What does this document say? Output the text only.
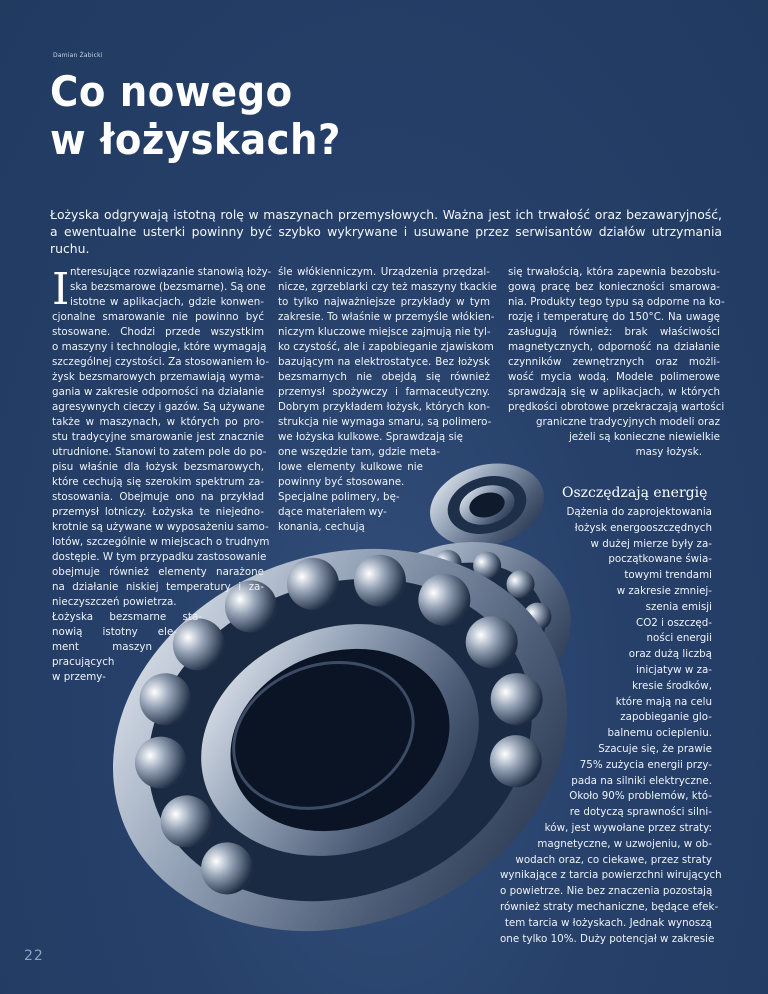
Damian Żabicki
Co nowego
w łożyskach?

Łożyska odgrywają istotną rolę w maszynach przemysłowych. Ważna jest ich trwałość oraz bezawaryjność, a ewentualne usterki powinny być szybko wykrywane i usuwane przez serwisantów działów utrzymania ruchu.

I nteresujące rozwiązanie stanowią łoży-
ska bezsmarowe (bezsmarne). Są one
istotne w aplikacjach, gdzie konwen-
cjonalne smarowanie nie powinno być
stosowane. Chodzi przede wszystkim
o maszyny i technologie, które wymagają
szczególnej czystości. Za stosowaniem ło-
żysk bezsmarowych przemawiają wyma-
gania w zakresie odporności na działanie
agresywnych cieczy i gazów. Są używane
także w maszynach, w których po pro-
stu tradycyjne smarowanie jest znacznie
utrudnione. Stanowi to zatem pole do po-
pisu właśnie dla łożysk bezsmarowych,
które cechują się szerokim spektrum za-
stosowania. Obejmuje ono na przykład
przemysł lotniczy. Łożyska te niejedno-
krotnie są używane w wyposażeniu samo-
lotów, szczególnie w miejscach o trudnym
dostępie. W tym przypadku zastosowanie
obejmuje również elementy narażone
na działanie niskiej temperatury i za-
nieczyszczeń powietrza.
Łożyska bezsmarne sta-
nowią istotny ele-
ment maszyn
pracujących
w przemy-
śle włókienniczym. Urządzenia przędzal-
nicze, zgrzeblarki czy też maszyny tkackie
to tylko najważniejsze przykłady w tym
zakresie. To właśnie w przemyśle włókien-
niczym kluczowe miejsce zajmują nie tyl-
ko czystość, ale i zapobieganie zjawiskom
bazującym na elektrostatyce. Bez łożysk
bezsmarnych nie obejdą się również
przemysł spożywczy i farmaceutyczny.
Dobrym przykładem łożysk, których kon-
strukcja nie wymaga smaru, są polimero-
we łożyska kulkowe. Sprawdzają się
one wszędzie tam, gdzie meta-
lowe elementy kulkowe nie
powinny być stosowane.
Specjalne polimery, bę-
dące materiałem wy-
konania, cechują
się trwałością, która zapewnia bezobsłu-
gową pracę bez konieczności smarowa-
nia. Produkty tego typu są odporne na ko-
rozję i temperaturę do 150°C. Na uwagę
zasługują również: brak właściwości
magnetycznych, odporność na działanie
czynników zewnętrznych oraz możli-
wość mycia wodą. Modele polimerowe
sprawdzają się w aplikacjach, w których
prędkości obrotowe przekraczają wartości
graniczne tradycyjnych modeli oraz
jeżeli są konieczne niewielkie
masy łożysk.
Oszczędzają energię
Dążenia do zaprojektowania
łożysk energooszczędnych
w dużej mierze były za-
początkowane świa-
towymi trendami
w zakresie zmniej-
szenia emisji
CO2 i oszczęd-
ności energii
oraz dużą liczbą
inicjatyw w za-
kresie środków,
które mają na celu
zapobieganie glo-
balnemu ociepleniu.
Szacuje się, że prawie
75% zużycia energii przy-
pada na silniki elektryczne.
Około 90% problemów, któ-
re dotyczą sprawności silni-
ków, jest wywołane przez straty:
magnetyczne, w uzwojeniu, w ob-
wodach oraz, co ciekawe, przez straty
wynikające z tarcia powierzchni wirujących
o powietrze. Nie bez znaczenia pozostają
również straty mechaniczne, będące efek-
tem tarcia w łożyskach. Jednak wynoszą
one tylko 10%. Duży potencjał w zakresie
22
